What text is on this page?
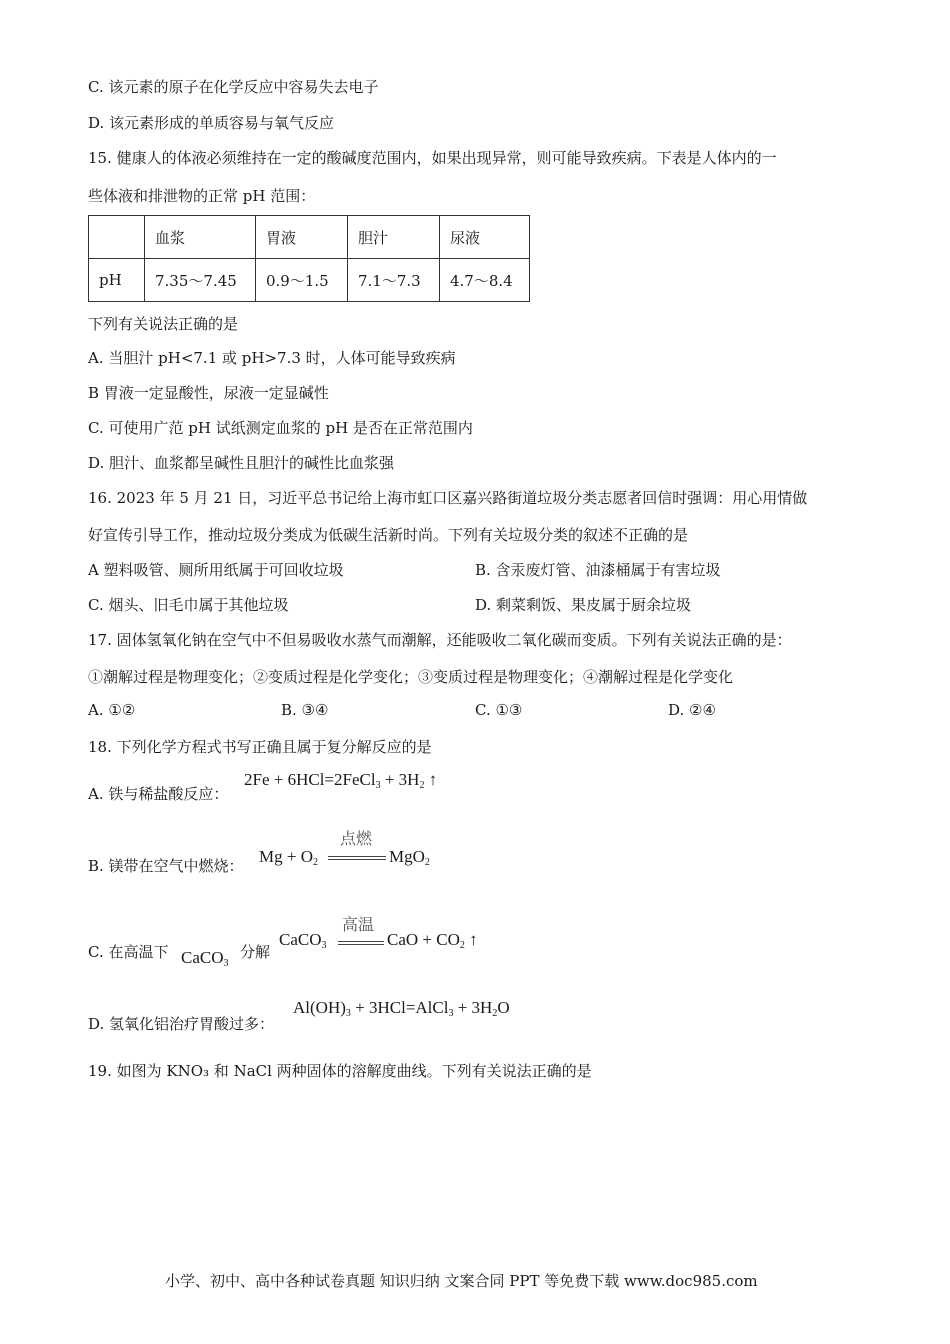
C. 该元素的原子在化学反应中容易失去电子
D. 该元素形成的单质容易与氧气反应
15. 健康人的体液必须维持在一定的酸碱度范围内，如果出现异常，则可能导致疾病。下表是人体内的一
些体液和排泄物的正常 pH 范围：
	血浆	胃液	胆汁	尿液
pH	7.35～7.45	0.9～1.5	7.1～7.3	4.7～8.4
下列有关说法正确的是
A. 当胆汁 pH<7.1 或 pH>7.3 时，人体可能导致疾病
B 胃液一定显酸性，尿液一定显碱性
C. 可使用广范 pH 试纸测定血浆的 pH 是否在正常范围内
D. 胆汁、血浆都呈碱性且胆汁的碱性比血浆强
16. 2023 年 5 月 21 日，习近平总书记给上海市虹口区嘉兴路街道垃圾分类志愿者回信时强调：用心用情做
好宣传引导工作，推动垃圾分类成为低碳生活新时尚。下列有关垃圾分类的叙述不正确的是
A 塑料吸管、厕所用纸属于可回收垃圾	B. 含汞废灯管、油漆桶属于有害垃圾
C. 烟头、旧毛巾属于其他垃圾	D. 剩菜剩饭、果皮属于厨余垃圾
17. 固体氢氧化钠在空气中不但易吸收水蒸气而潮解，还能吸收二氧化碳而变质。下列有关说法正确的是：
①潮解过程是物理变化；②变质过程是化学变化；③变质过程是物理变化；④潮解过程是化学变化
A. ①②	B. ③④	C. ①③	D. ②④
18. 下列化学方程式书写正确且属于复分解反应的是
A. 铁与稀盐酸反应：
2Fe + 6HCl=2FeCl$_3$ + $3H_2$ ↑
B. 镁带在空气中燃烧： $Mg + O_2$
点燃
MgO$_2$
C. 在高温下 CaCO$_3$
分解
CaCO$_3$
高温
CaO + $CO_2$ ↑
D. 氢氧化铝治疗胃酸过多：
$Al(OH)_3$ + 3HCl=AlCl$_3$ + $3H_2O$
19. 如图为 KNO₃ 和 NaCl 两种固体的溶解度曲线。下列有关说法正确的是
小学、初中、高中各种试卷真题 知识归纳 文案合同 PPT 等免费下载 www.doc985.com
